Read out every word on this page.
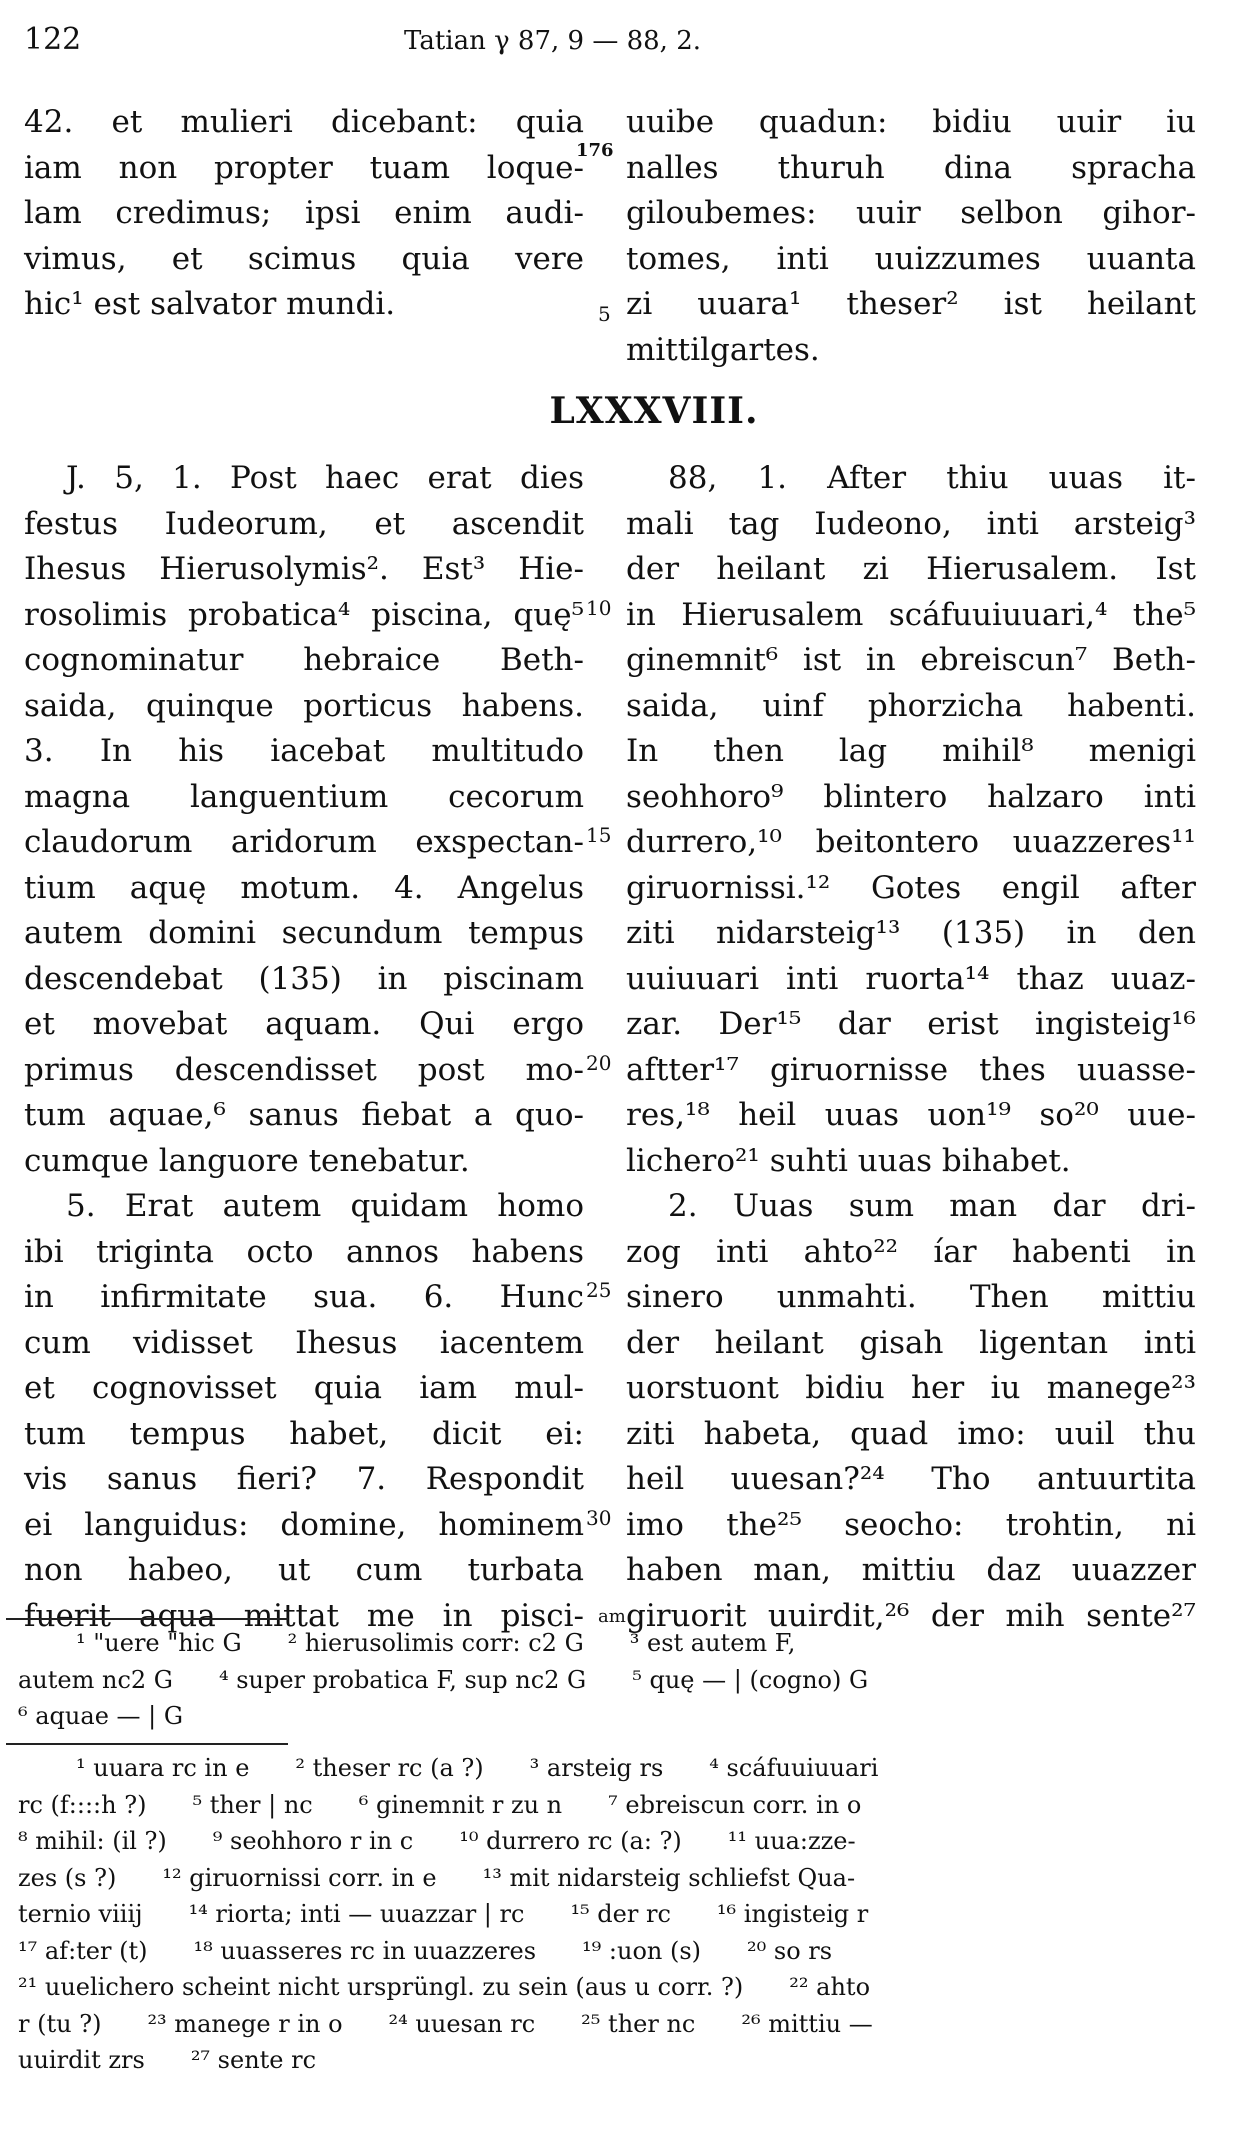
122	Tatian γ 87, 9 — 88, 2.
42. et mulieri dicebant: quia
iam non propter tuam loque-
lam credimus; ipsi enim audi-
vimus, et scimus quia vere
hic¹ est salvator mundi.
176
5
uuibe quadun: bidiu uuir iu
nalles thuruh dina spracha
giloubemes: uuir selbon gihor-
tomes, inti uuizzumes uuanta
zi uuara¹ theser² ist heilant
mittilgartes.
LXXXVIII.
J. 5, 1. Post haec erat dies
festus Iudeorum, et ascendit
Ihesus Hierusolymis². Est³ Hie-
rosolimis probatica⁴ piscina, quę⁵
cognominatur hebraice Beth-
saida, quinque porticus habens.
3. In his iacebat multitudo
magna languentium cecorum
claudorum aridorum exspectan-
tium aquę motum. 4. Angelus
autem domini secundum tempus
descendebat (135) in piscinam
et movebat aquam. Qui ergo
primus descendisset post mo-
tum aquae,⁶ sanus fiebat a quo-
cumque languore tenebatur.
5. Erat autem quidam homo
ibi triginta octo annos habens
in infirmitate sua. 6. Hunc
cum vidisset Ihesus iacentem
et cognovisset quia iam mul-
tum tempus habet, dicit ei:
vis sanus fieri? 7. Respondit
ei languidus: domine, hominem
non habeo, ut cum turbata
fuerit aqua mittat me in pisci-
88, 1. After thiu uuas it-
mali tag Iudeono, inti arsteig³
der heilant zi Hierusalem. Ist
in Hierusalem scáfuuiuuari,⁴ the⁵
ginemnit⁶ ist in ebreiscun⁷ Beth-
saida, uinf phorzicha habenti.
In then lag mihil⁸ menigi
seohhoro⁹ blintero halzaro inti
durrero,¹⁰ beitontero uuazzeres¹¹
giruornissi.¹² Gotes engil after
ziti nidarsteig¹³ (135) in den
uuiuuari inti ruorta¹⁴ thaz uuaz-
zar. Der¹⁵ dar erist ingisteig¹⁶
aftter¹⁷ giruornisse thes uuasse-
res,¹⁸ heil uuas uon¹⁹ so²⁰ uue-
lichero²¹ suhti uuas bihabet.
2. Uuas sum man dar dri-
zog inti ahto²² íar habenti in
sinero unmahti. Then mittiu
der heilant gisah ligentan inti
uorstuont bidiu her iu manege²³
ziti habeta, quad imo: uuil thu
heil uuesan?²⁴ Tho antuurtita
imo the²⁵ seocho: trohtin, ni
haben man, mittiu daz uuazzer
giruorit uuirdit,²⁶ der mih sente²⁷
10
15
20
25
30
am
¹ "uere "hic G ² hierusolimis corr: c2 G ³ est autem F,
autem nc2 G ⁴ super probatica F, sup nc2 G ⁵ quę — | (cogno) G
⁶ aquae — | G
¹ uuara rc in e ² theser rc (a ?) ³ arsteig rs ⁴ scáfuuiuuari
rc (f::::h ?) ⁵ ther | nc ⁶ ginemnit r zu n ⁷ ebreiscun corr. in o
⁸ mihil: (il ?) ⁹ seohhoro r in c ¹⁰ durrero rc (a: ?) ¹¹ uua:zze-
zes (s ?) ¹² giruornissi corr. in e ¹³ mit nidarsteig schliefst Qua-
ternio viiij ¹⁴ riorta; inti — uuazzar | rc ¹⁵ der rc ¹⁶ ingisteig r
¹⁷ af:ter (t) ¹⁸ uuasseres rc in uuazzeres ¹⁹ :uon (s) ²⁰ so rs
²¹ uuelichero scheint nicht ursprüngl. zu sein (aus u corr. ?) ²² ahto
r (tu ?) ²³ manege r in o ²⁴ uuesan rc ²⁵ ther nc ²⁶ mittiu —
uuirdit zrs ²⁷ sente rc
